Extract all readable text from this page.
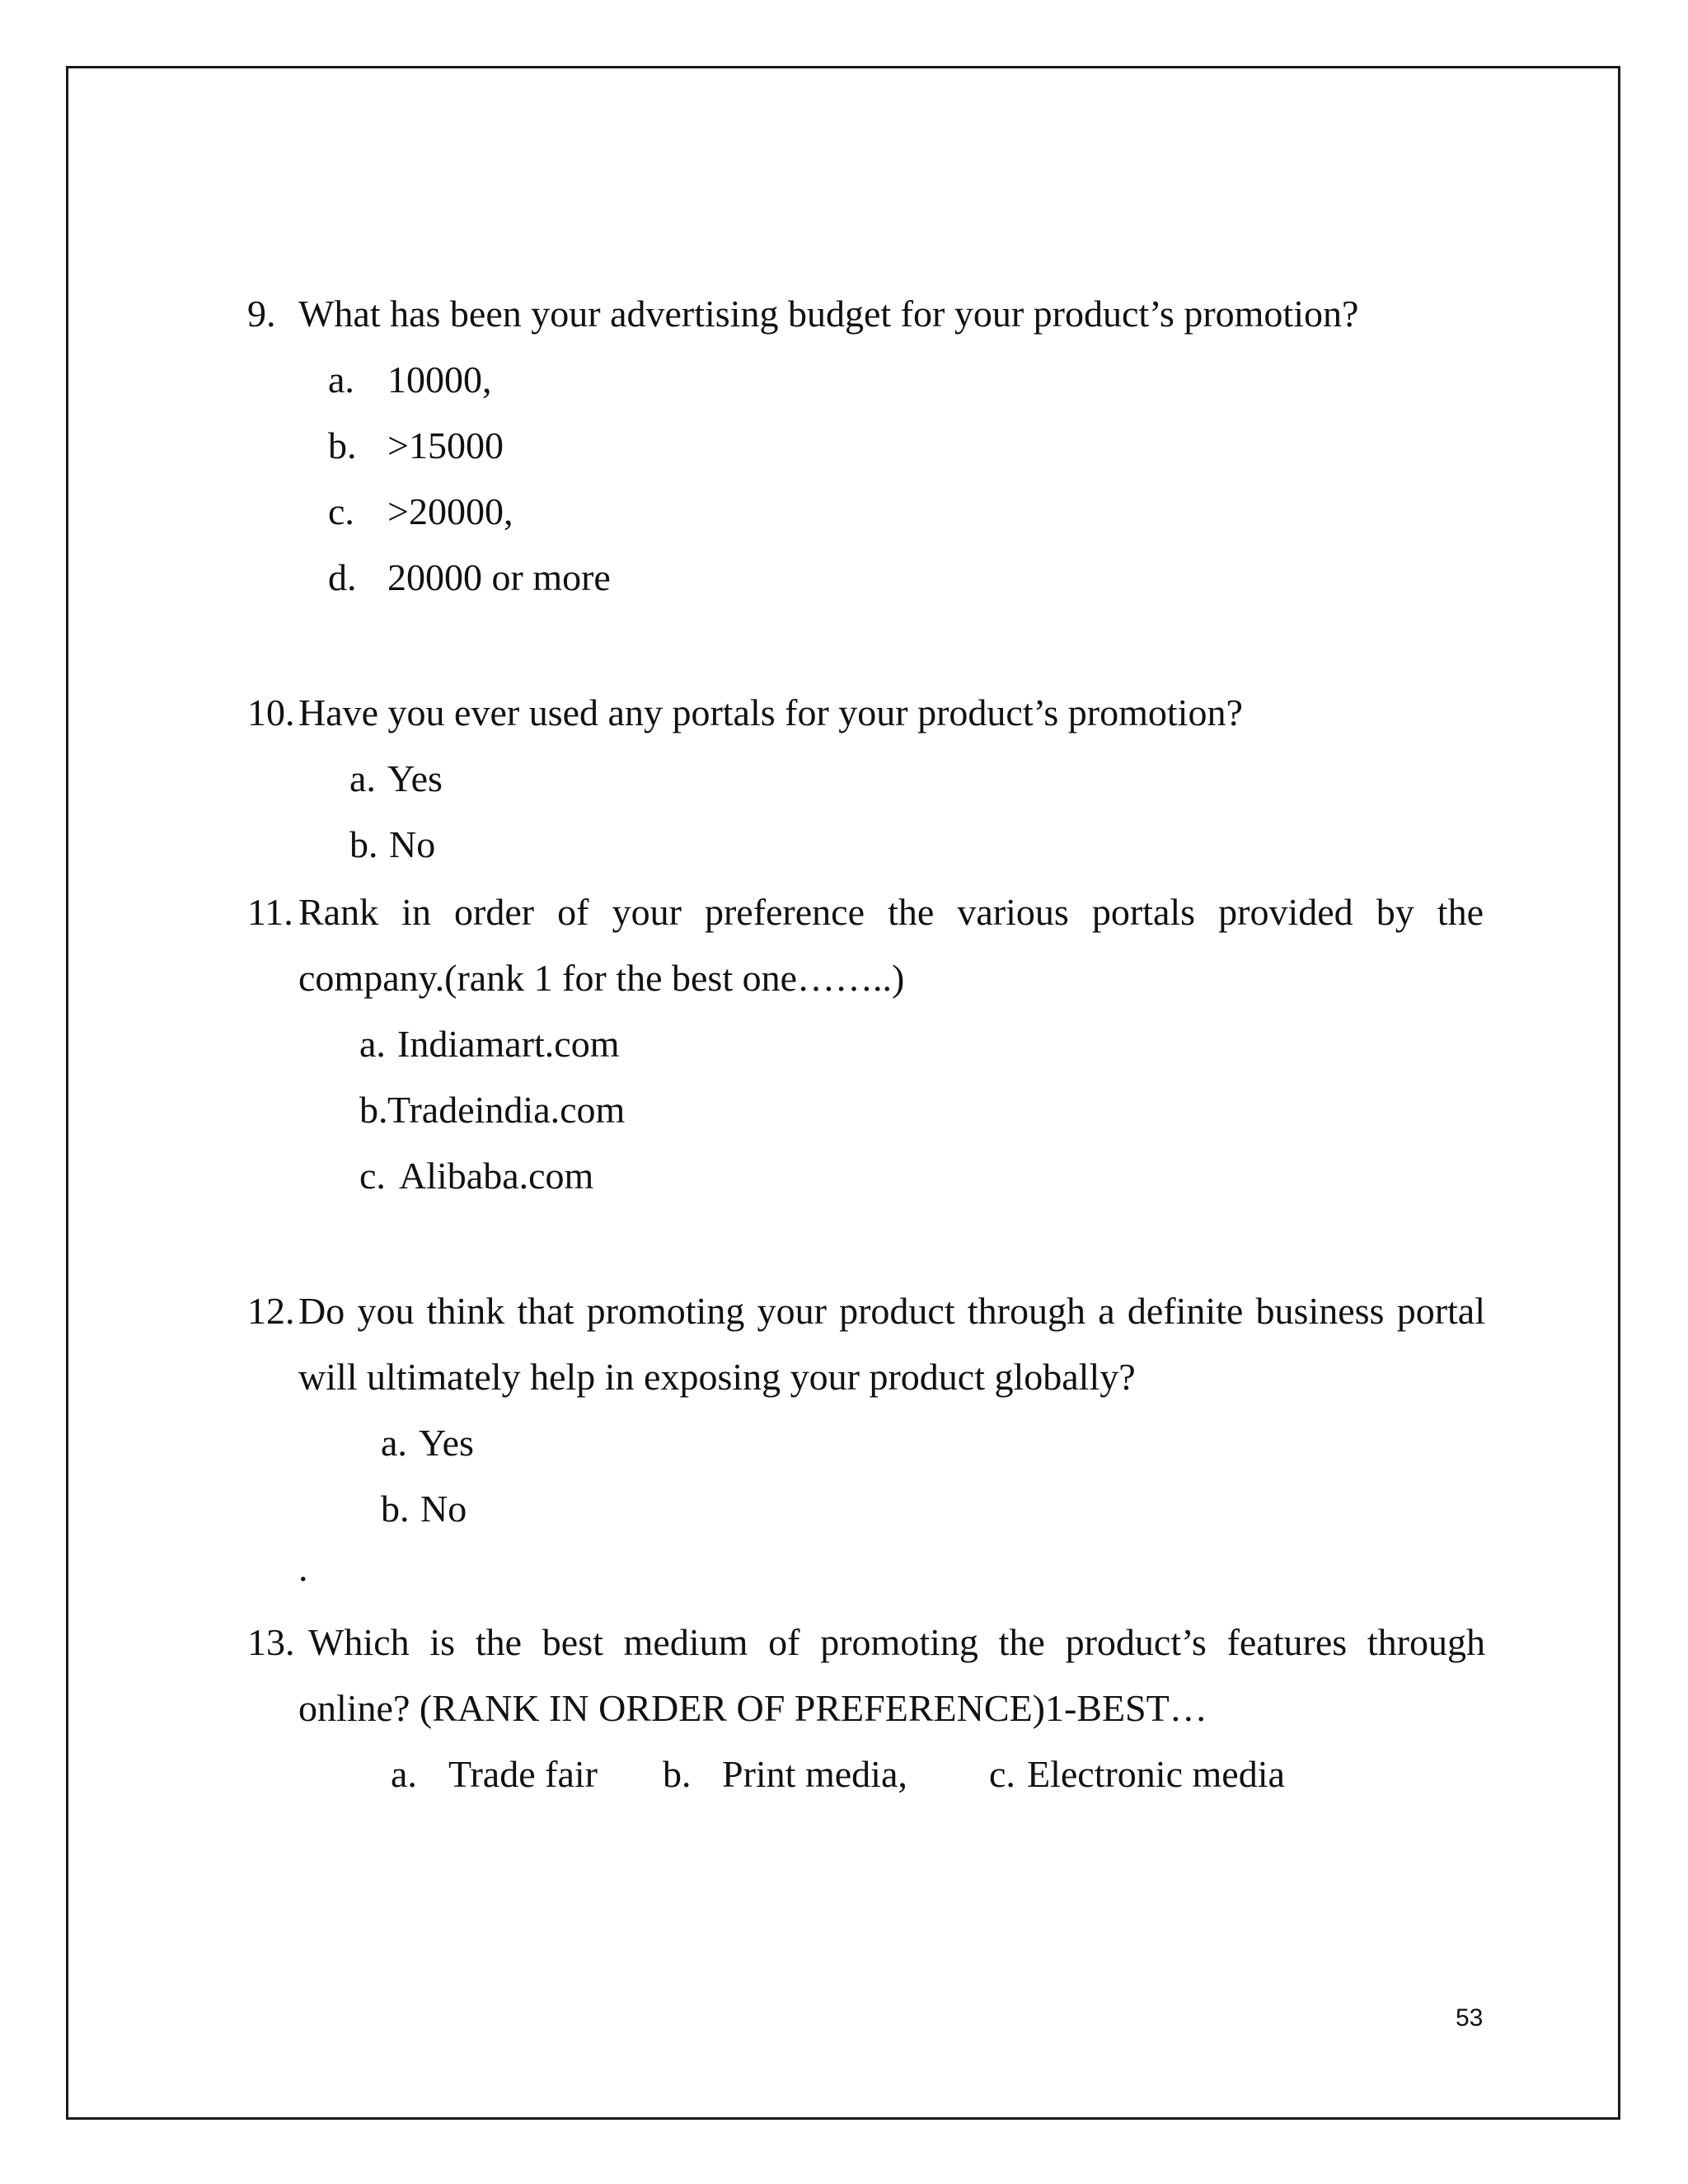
9. What has been your advertising budget for your product’s promotion?
a. 10000,
b. >15000
c. >20000,
d. 20000 or more
10. Have you ever used any portals for your product’s promotion?
a. Yes
b. No
11. Rank in order of your preference the various portals provided by the
company.(rank 1 for the best one……..)
a. Indiamart.com
b. Tradeindia.com
c. Alibaba.com
12. Do you think that promoting your product through a definite business portal
will ultimately help in exposing your product globally?
a. Yes
b. No
.
13. Which is the best medium of promoting the product’s features through
online? (RANK IN ORDER OF PREFERENCE)1-BEST…
a. Trade fair b. Print media, c. Electronic media
53
